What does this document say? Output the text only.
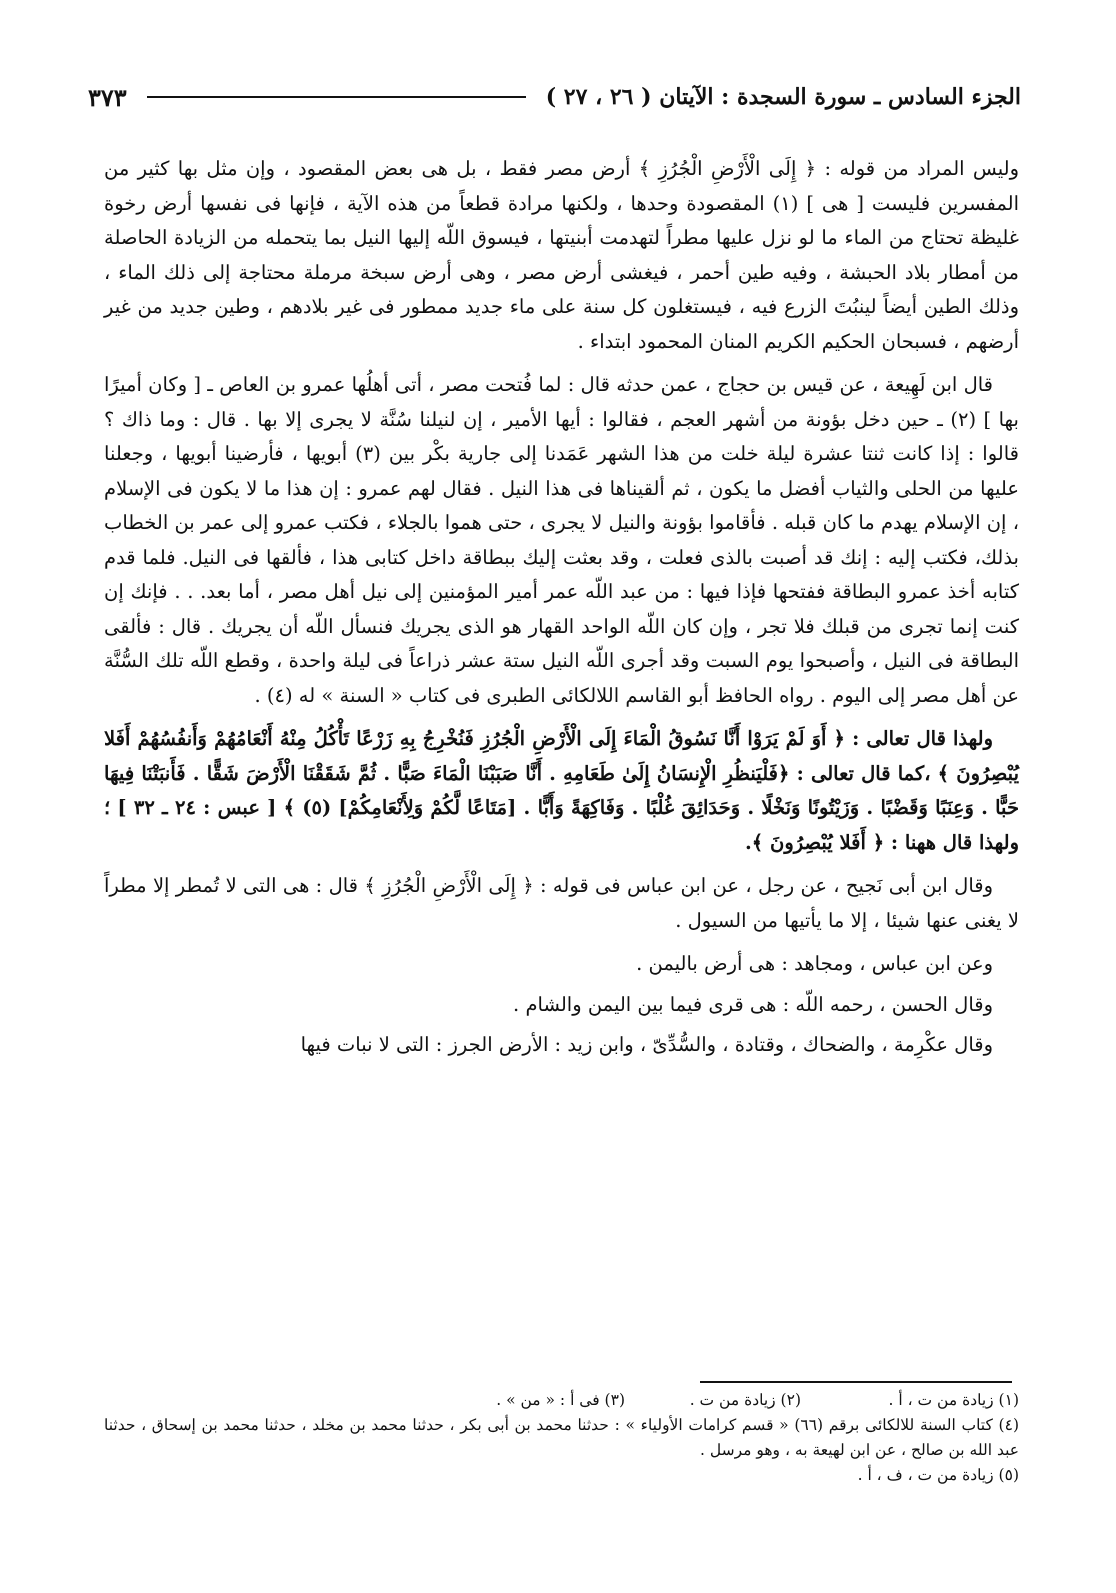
الجزء السادس ـ سورة السجدة : الآيتان ( ٢٦ ، ٢٧ )
٣٧٣

وليس المراد من قوله : ﴿ إِلَى الْأَرْضِ الْجُرُزِ ﴾ أرض مصر فقط ، بل هى بعض المقصود ، وإن مثل بها كثير من المفسرين فليست [ هى ] (١) المقصودة وحدها ، ولكنها مرادة قطعاً من هذه الآية ، فإنها فى نفسها أرض رخوة غليظة تحتاج من الماء ما لو نزل عليها مطراً لتهدمت أبنيتها ، فيسوق اللّه إليها النيل بما يتحمله من الزيادة الحاصلة من أمطار بلاد الحبشة ، وفيه طين أحمر ، فيغشى أرض مصر ، وهى أرض سبخة مرملة محتاجة إلى ذلك الماء ، وذلك الطين أيضاً لينبُتَ الزرع فيه ، فيستغلون كل سنة على ماء جديد ممطور فى غير بلادهم ، وطين جديد من غير أرضهم ، فسبحان الحكيم الكريم المنان المحمود ابتداء .

قال ابن لَهِيعة ، عن قيس بن حجاج ، عمن حدثه قال : لما فُتحت مصر ، أتى أهلُها عمرو بن العاص ـ [ وكان أميرًا بها ] (٢) ـ حين دخل بؤونة من أشهر العجم ، فقالوا : أيها الأمير ، إن لنيلنا سُنَّة لا يجرى إلا بها . قال : وما ذاك ؟ قالوا : إذا كانت ثنتا عشرة ليلة خلت من هذا الشهر عَمَدنا إلى جارية بكْر بين (٣) أبويها ، فأرضينا أبويها ، وجعلنا عليها من الحلى والثياب أفضل ما يكون ، ثم ألقيناها فى هذا النيل . فقال لهم عمرو : إن هذا ما لا يكون فى الإسلام ، إن الإسلام يهدم ما كان قبله . فأقاموا بؤونة والنيل لا يجرى ، حتى هموا بالجلاء ، فكتب عمرو إلى عمر بن الخطاب بذلك، فكتب إليه : إنك قد أصبت بالذى فعلت ، وقد بعثت إليك ببطاقة داخل كتابى هذا ، فألقها فى النيل. فلما قدم كتابه أخذ عمرو البطاقة ففتحها فإذا فيها : من عبد اللّه عمر أمير المؤمنين إلى نيل أهل مصر ، أما بعد. . . فإنك إن كنت إنما تجرى من قبلك فلا تجر ، وإن كان اللّه الواحد القهار هو الذى يجريك فنسأل اللّه أن يجريك . قال : فألقى البطاقة فى النيل ، وأصبحوا يوم السبت وقد أجرى اللّه النيل ستة عشر ذراعاً فى ليلة واحدة ، وقطع اللّه تلك السُّنَّة عن أهل مصر إلى اليوم . رواه الحافظ أبو القاسم اللالكائى الطبرى فى كتاب « السنة » له (٤) .

ولهذا قال تعالى : ﴿ أَوَ لَمْ يَرَوْا أَنَّا نَسُوقُ الْمَاءَ إِلَى الْأَرْضِ الْجُرُزِ فَنُخْرِجُ بِهِ زَرْعًا تَأْكُلُ مِنْهُ أَنْعَامُهُمْ وَأَنفُسُهُمْ أَفَلا يُبْصِرُونَ ﴾ ،كما قال تعالى : ﴿فَلْيَنظُرِ الْإِنسَانُ إِلَىٰ طَعَامِهِ . أَنَّا صَبَبْنَا الْمَاءَ صَبًّا . ثُمَّ شَقَقْنَا الْأَرْضَ شَقًّا . فَأَنبَتْنَا فِيهَا حَبًّا . وَعِنَبًا وَقَضْبًا . وَزَيْتُونًا وَنَخْلًا . وَحَدَائِقَ غُلْبًا . وَفَاكِهَةً وَأَبًّا . [مَتَاعًا لَّكُمْ وَلِأَنْعَامِكُمْ] (٥) ﴾ [ عبس : ٢٤ ـ ٣٢ ] ؛ ولهذا قال ههنا : ﴿ أَفَلا يُبْصِرُونَ ﴾.

وقال ابن أبى نَجيح ، عن رجل ، عن ابن عباس فى قوله : ﴿ إِلَى الْأَرْضِ الْجُرُزِ ﴾ قال : هى التى لا تُمطر إلا مطراً لا يغنى عنها شيئا ، إلا ما يأتيها من السيول .

وعن ابن عباس ، ومجاهد : هى أرض باليمن .

وقال الحسن ، رحمه اللّه : هى قرى فيما بين اليمن والشام .

وقال عكْرِمة ، والضحاك ، وقتادة ، والسُّدِّىّ ، وابن زيد : الأرض الجرز : التى لا نبات فيها

(١) زيادة من ت ، أ .
(٢) زيادة من ت .
(٣) فى أ : « من » .
(٤) كتاب السنة للالكائى برقم (٦٦) « قسم كرامات الأولياء » : حدثنا محمد بن أبى بكر ، حدثنا محمد بن مخلد ، حدثنا محمد بن إسحاق ، حدثنا عبد الله بن صالح ، عن ابن لهيعة به ، وهو مرسل .
(٥) زيادة من ت ، ف ، أ .
